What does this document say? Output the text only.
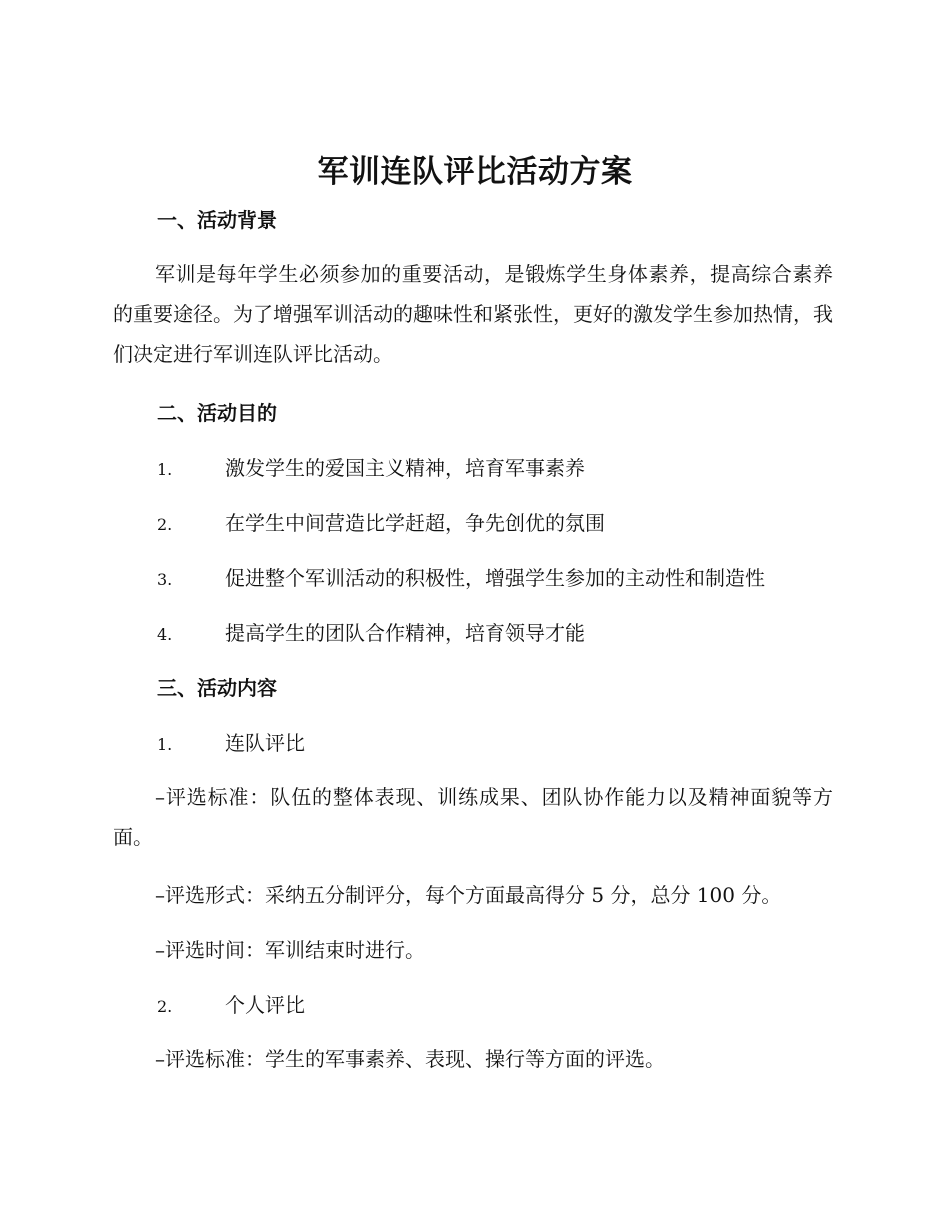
军训连队评比活动方案
一、活动背景
军训是每年学生必须参加的重要活动，是锻炼学生身体素养，提高综合素养的重要途径。为了增强军训活动的趣味性和紧张性，更好的激发学生参加热情，我们决定进行军训连队评比活动。
二、活动目的
1.	激发学生的爱国主义精神，培育军事素养
2.	在学生中间营造比学赶超，争先创优的氛围
3.	促进整个军训活动的积极性，增强学生参加的主动性和制造性
4.	提高学生的团队合作精神，培育领导才能
三、活动内容
1.	连队评比
–评选标准：队伍的整体表现、训练成果、团队协作能力以及精神面貌等方面。
–评选形式：采纳五分制评分，每个方面最高得分 5 分，总分 100 分。
–评选时间：军训结束时进行。
2.	个人评比
–评选标准：学生的军事素养、表现、操行等方面的评选。
